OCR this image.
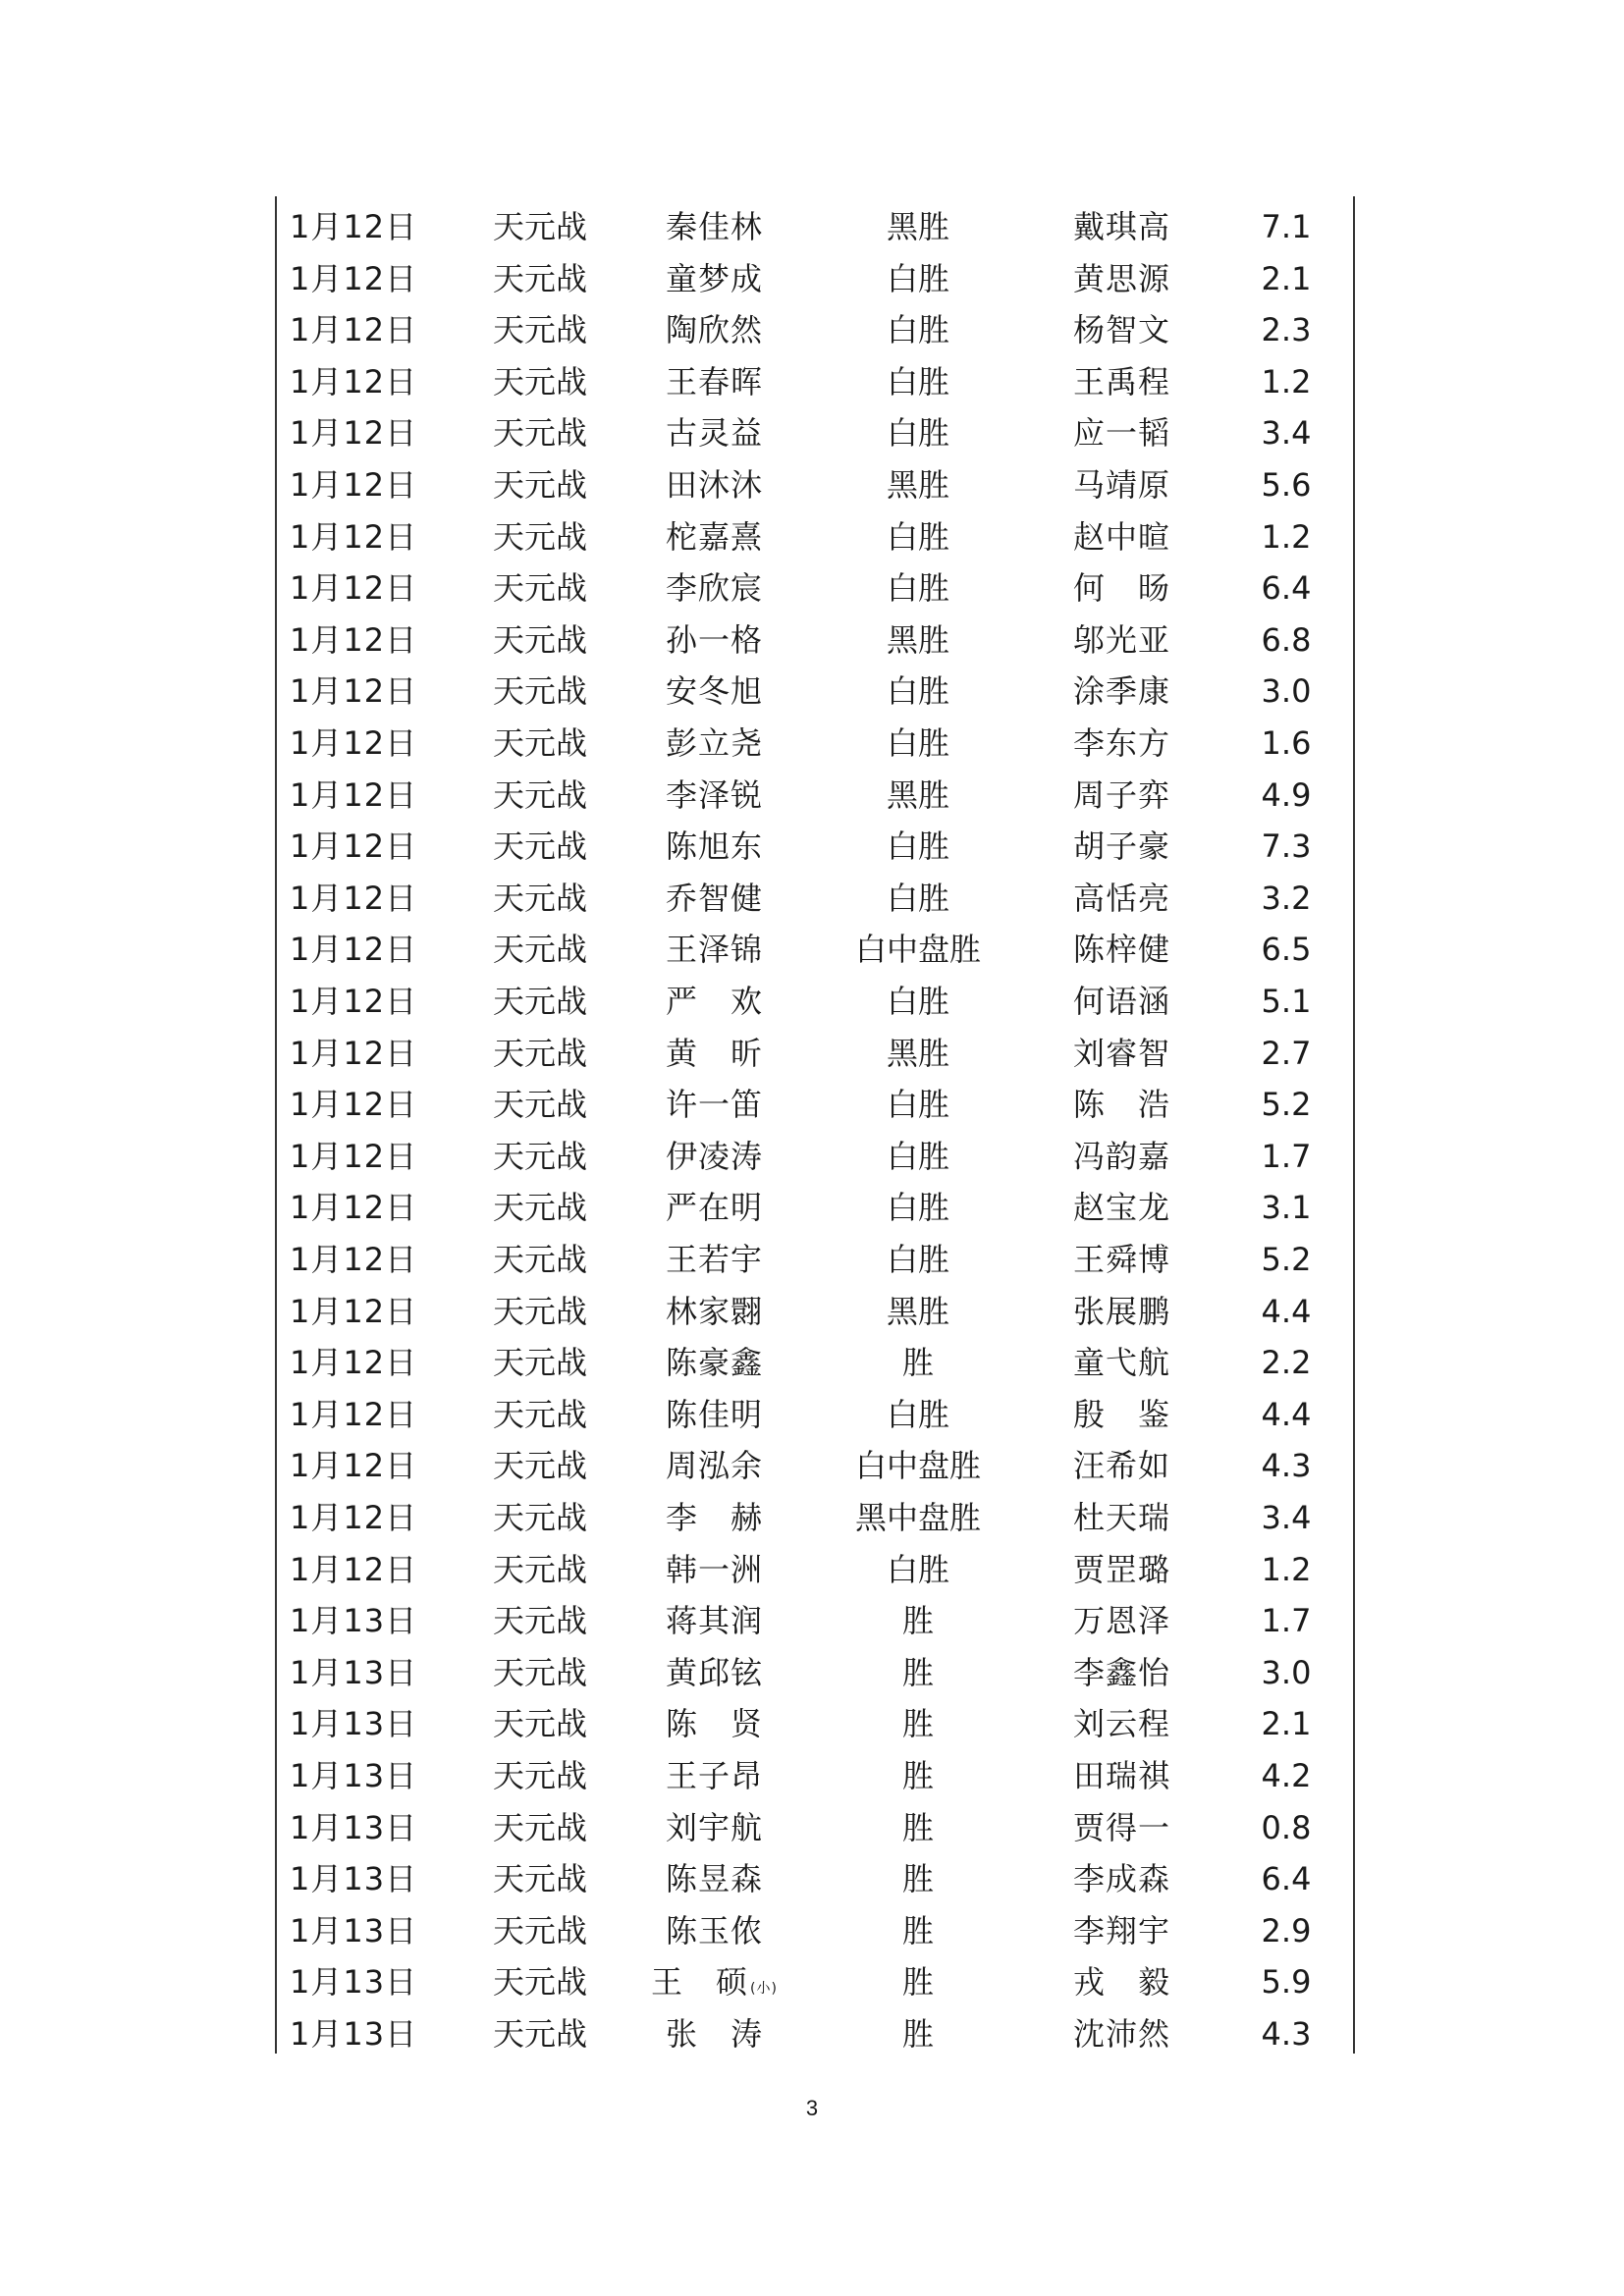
1月12日	天元战	秦佳林	黑胜	戴琪高	7.1
1月12日	天元战	童梦成	白胜	黄思源	2.1
1月12日	天元战	陶欣然	白胜	杨智文	2.3
1月12日	天元战	王春晖	白胜	王禹程	1.2
1月12日	天元战	古灵益	白胜	应一韬	3.4
1月12日	天元战	田沐沐	黑胜	马靖原	5.6
1月12日	天元战	柁嘉熹	白胜	赵中暄	1.2
1月12日	天元战	李欣宸	白胜	何　旸	6.4
1月12日	天元战	孙一格	黑胜	邬光亚	6.8
1月12日	天元战	安冬旭	白胜	涂季康	3.0
1月12日	天元战	彭立尧	白胜	李东方	1.6
1月12日	天元战	李泽锐	黑胜	周子弈	4.9
1月12日	天元战	陈旭东	白胜	胡子豪	7.3
1月12日	天元战	乔智健	白胜	高恬亮	3.2
1月12日	天元战	王泽锦	白中盘胜	陈梓健	6.5
1月12日	天元战	严　欢	白胜	何语涵	5.1
1月12日	天元战	黄　昕	黑胜	刘睿智	2.7
1月12日	天元战	许一笛	白胜	陈　浩	5.2
1月12日	天元战	伊凌涛	白胜	冯韵嘉	1.7
1月12日	天元战	严在明	白胜	赵宝龙	3.1
1月12日	天元战	王若宇	白胜	王舜博	5.2
1月12日	天元战	林家翾	黑胜	张展鹏	4.4
1月12日	天元战	陈豪鑫	胜	童弋航	2.2
1月12日	天元战	陈佳明	白胜	殷　鉴	4.4
1月12日	天元战	周泓余	白中盘胜	汪希如	4.3
1月12日	天元战	李　赫	黑中盘胜	杜天瑞	3.4
1月12日	天元战	韩一洲	白胜	贾罡璐	1.2
1月13日	天元战	蒋其润	胜	万恩泽	1.7
1月13日	天元战	黄邱铉	胜	李鑫怡	3.0
1月13日	天元战	陈　贤	胜	刘云程	2.1
1月13日	天元战	王子昂	胜	田瑞祺	4.2
1月13日	天元战	刘宇航	胜	贾得一	0.8
1月13日	天元战	陈昱森	胜	李成森	6.4
1月13日	天元战	陈玉侬	胜	李翔宇	2.9
1月13日	天元战	王　硕 (小)	胜	戎　毅	5.9
1月13日	天元战	张　涛	胜	沈沛然	4.3
3
